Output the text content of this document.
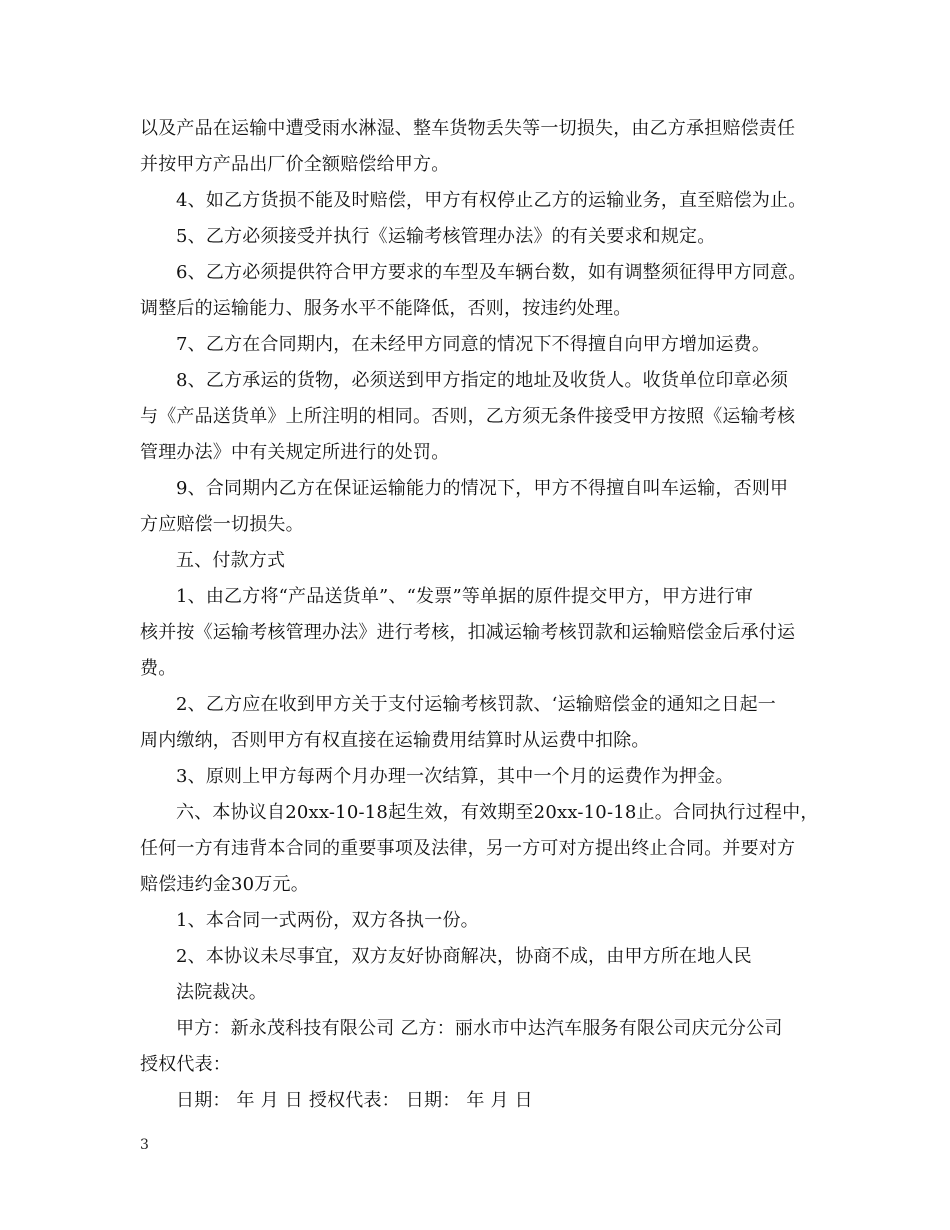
以及产品在运输中遭受雨水淋湿、整车货物丢失等一切损失，由乙方承担赔偿责任
并按甲方产品出厂价全额赔偿给甲方。
4、如乙方货损不能及时赔偿，甲方有权停止乙方的运输业务，直至赔偿为止。
5、乙方必须接受并执行《运输考核管理办法》的有关要求和规定。
6、乙方必须提供符合甲方要求的车型及车辆台数，如有调整须征得甲方同意。
调整后的运输能力、服务水平不能降低，否则，按违约处理。
7、乙方在合同期内，在未经甲方同意的情况下不得擅自向甲方增加运费。
8、乙方承运的货物，必须送到甲方指定的地址及收货人。收货单位印章必须
与《产品送货单》上所注明的相同。否则，乙方须无条件接受甲方按照《运输考核
管理办法》中有关规定所进行的处罚。
9、合同期内乙方在保证运输能力的情况下，甲方不得擅自叫车运输，否则甲
方应赔偿一切损失。
五、付款方式
1、由乙方将“产品送货单”、“发票”等单据的原件提交甲方，甲方进行审
核并按《运输考核管理办法》进行考核，扣减运输考核罚款和运输赔偿金后承付运
费。
2、乙方应在收到甲方关于支付运输考核罚款、‘运输赔偿金的通知之日起一
周内缴纳，否则甲方有权直接在运输费用结算时从运费中扣除。
3、原则上甲方每两个月办理一次结算，其中一个月的运费作为押金。
六、本协议自20xx-10-18起生效，有效期至20xx-10-18止。合同执行过程中，
任何一方有违背本合同的重要事项及法律，另一方可对方提出终止合同。并要对方
赔偿违约金30万元。
1、本合同一式两份，双方各执一份。
2、本协议未尽事宜，双方友好协商解决，协商不成，由甲方所在地人民
法院裁决。
甲方：新永茂科技有限公司 乙方：丽水市中达汽车服务有限公司庆元分公司
授权代表：
日期： 年 月 日 授权代表： 日期： 年 月 日
3
